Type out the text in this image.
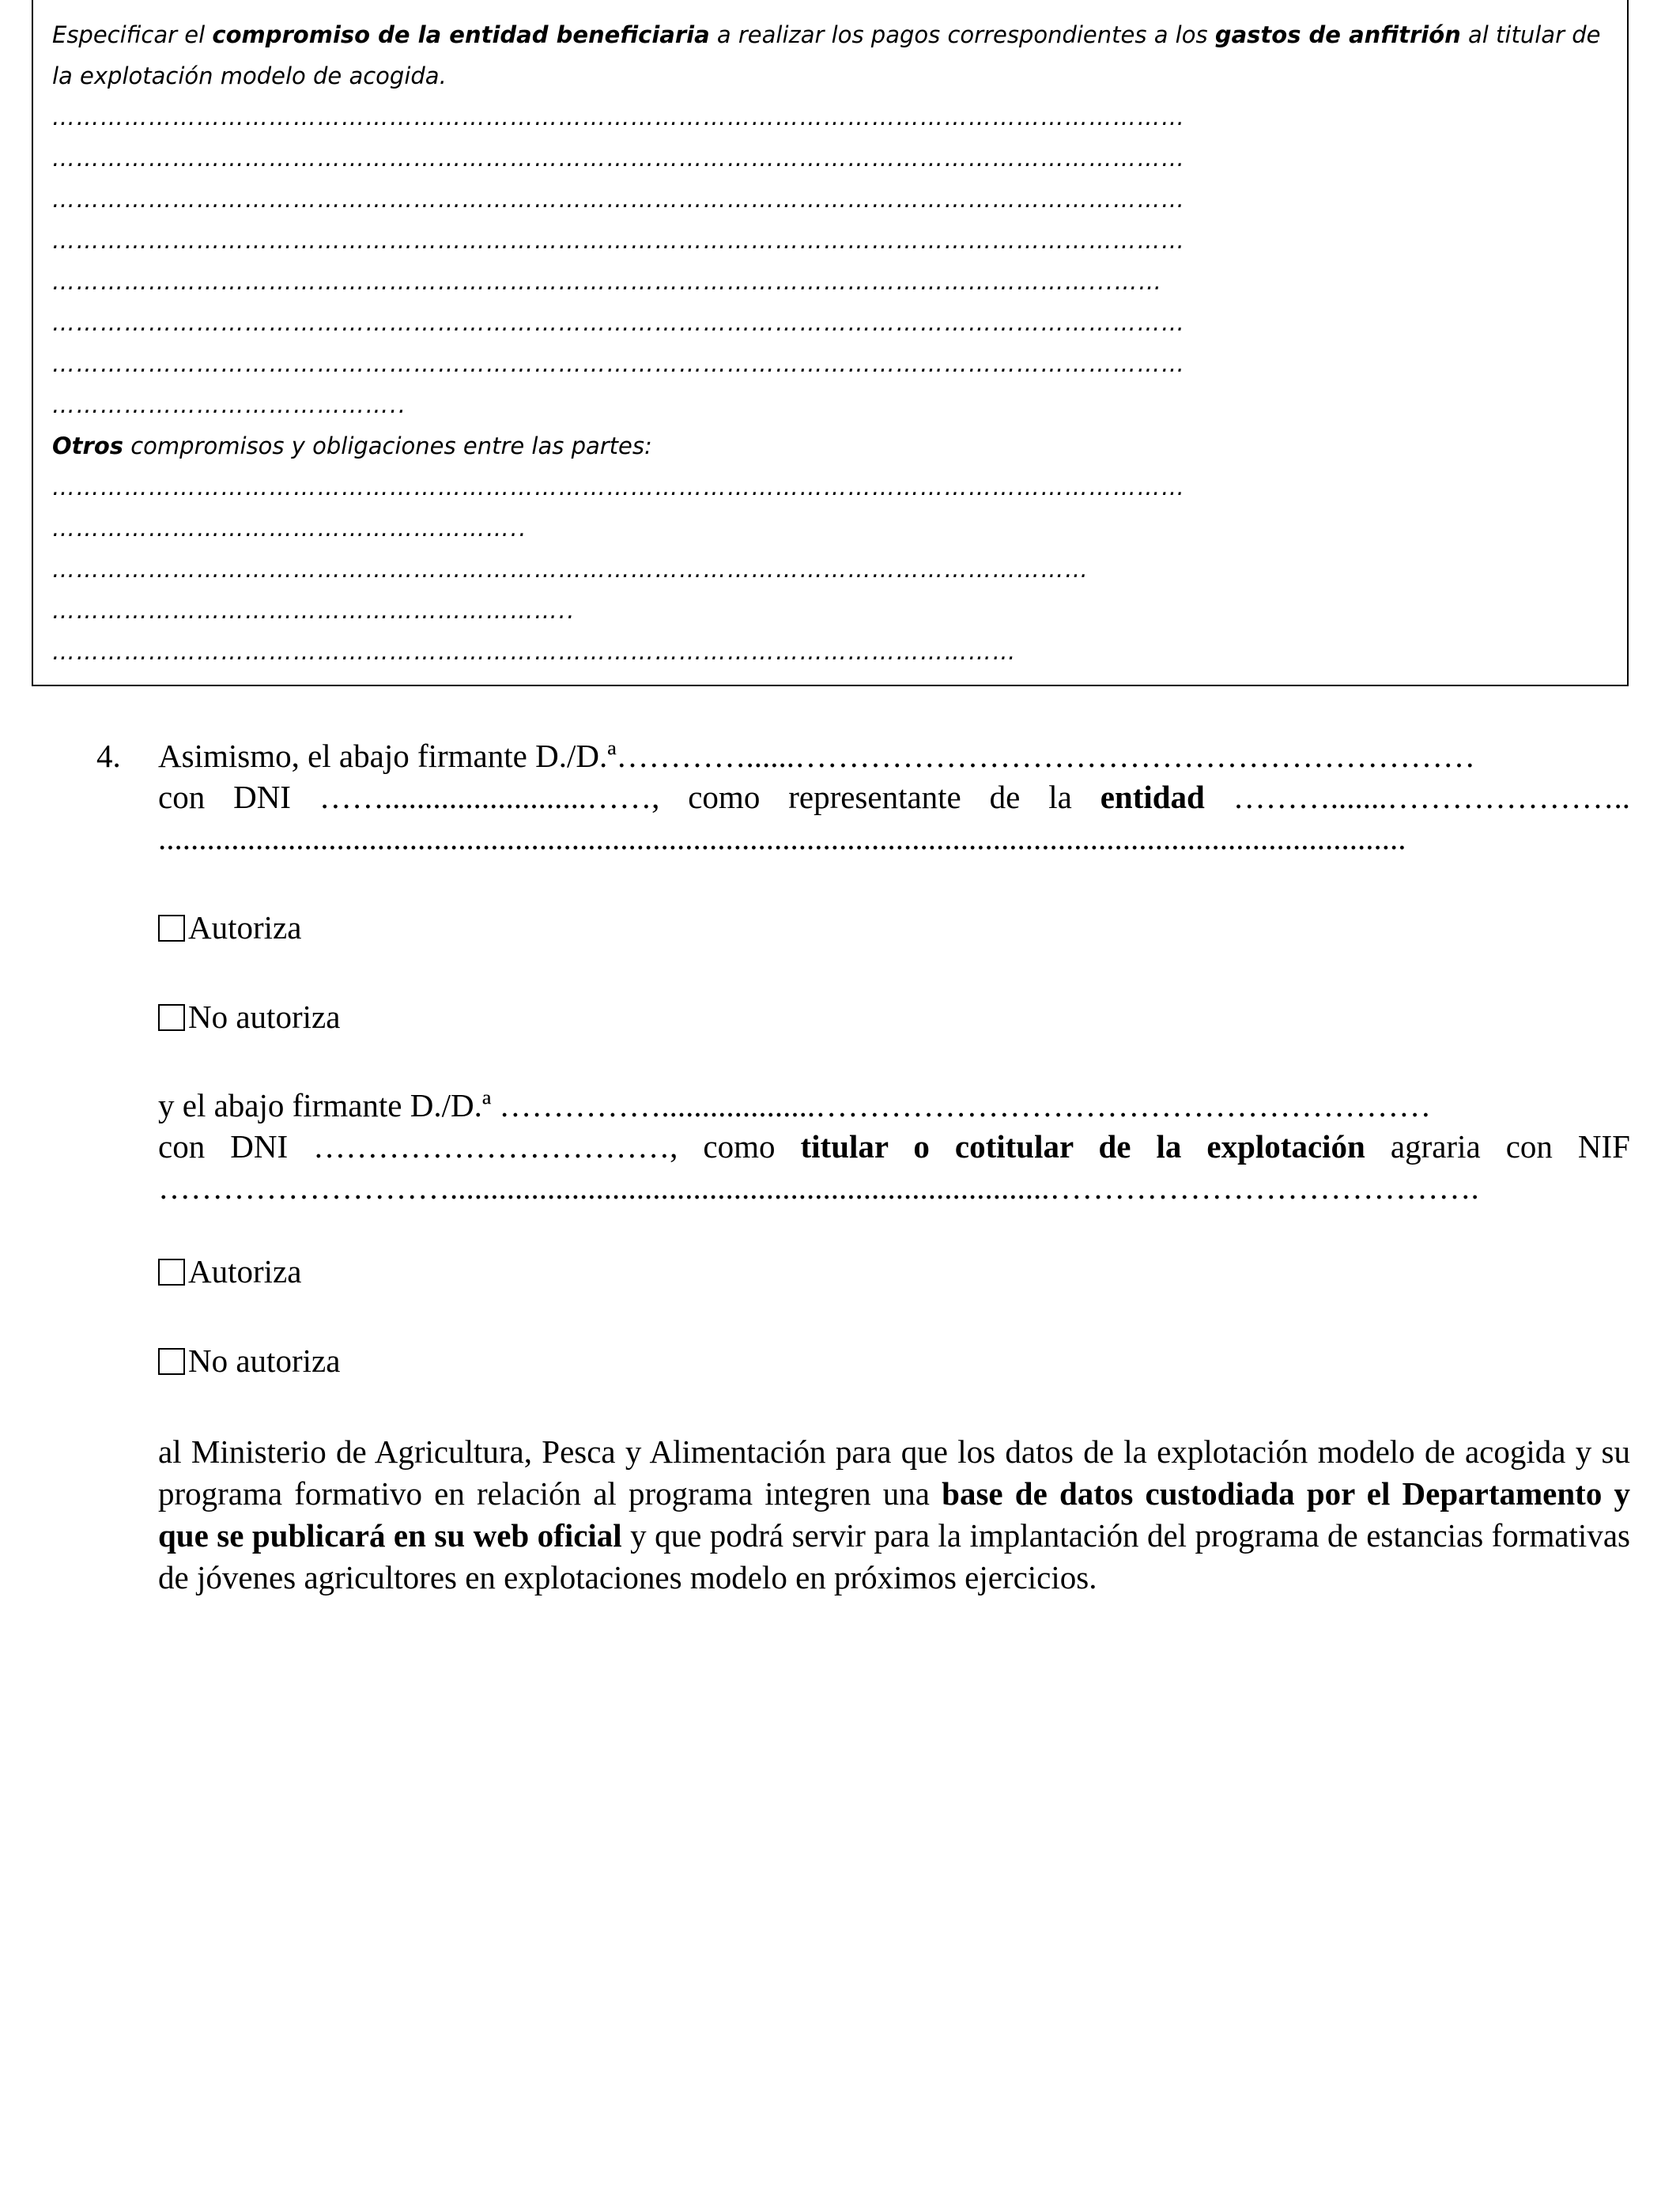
Especificar el compromiso de la entidad beneficiaria a realizar los pagos correspondientes a los gastos de anfitrión al titular de la explotación modelo de acogida.

……………………………………………………………………………………………………………………………

……………………………………………………………………………………………………………………………

……………………………………………………………………………………………………………………………

……………………………………………………………………………………………………………………………

…………………………………………………………………………………………………………………...……

……………………………………………………………………………………………………………………………

……………………………………………………………………………………………………………………………

……………………………………..

Otros compromisos y obligaciones entre las partes:

……………………………………………………………………………………………………………………………

…………………………………………………..

…………………………………………………………………………………………………………………

………………………………………………………..

…………………………………………………………………………………………………………

4. Asimismo, el abajo firmante D./D.ª…………......………………………………………………………
con DNI …….........................……, como representante de la entidad ……….......…………………..
..........................................................................................................................................................
Autoriza
No autoriza
y el abajo firmante D./D.ª ……………...................…………………………………………………
con DNI ……………………………, como titular o cotitular de la explotación agraria con NIF
………………………..........................................................................………………………………….
Autoriza
No autoriza
al Ministerio de Agricultura, Pesca y Alimentación para que los datos de la explotación modelo de acogida y su programa formativo en relación al programa integren una base de datos custodiada por el Departamento y que se publicará en su web oficial y que podrá servir para la implantación del programa de estancias formativas de jóvenes agricultores en explotaciones modelo en próximos ejercicios.
